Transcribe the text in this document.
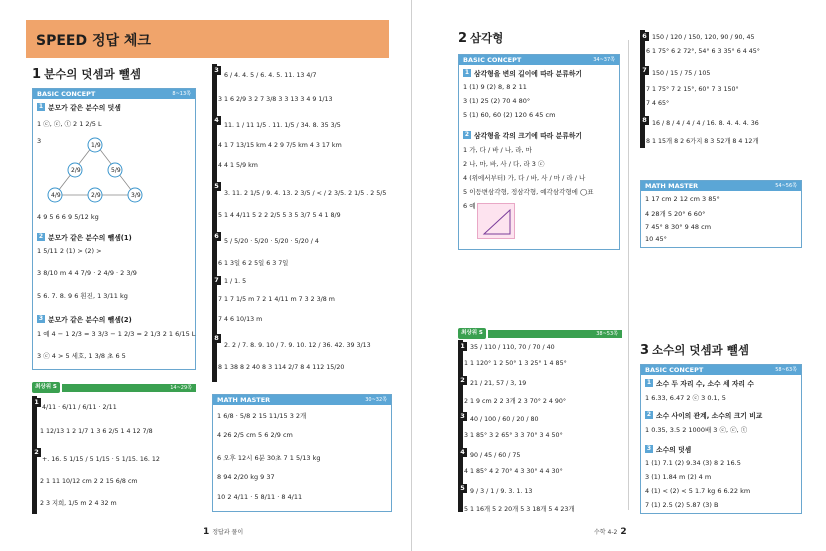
SPEED 정답 체크
1 분수의 덧셈과 뺄셈
BASIC CONCEPT	8~13쪽
1 분모가 같은 분수의 덧셈
1 ⓒ, ⓒ, ⓣ 2 1 2/5 L
3
1/9
2/9	5/9
4/9	2/9	3/9
4 9 5 6 6 9 5/12 kg
2 분모가 같은 분수의 뺄셈(1)
1 5/11 2 (1) > (2) >
3 8/10 m 4 4 7/9 · 2 4/9 · 2 3/9
5 6. 7. 8. 9 6 흰진, 1 3/11 kg
3 분모가 같은 분수의 뺄셈(2)
1 예 4 − 1 2/3 = 3 3/3 − 1 2/3 = 2 1/3 2 1 6/15 L
3 ⓒ 4 > 5 세호, 1 3/8 초 6 5
최상위 S	14~29쪽
1
4/11 · 6/11 / 6/11 · 2/11
1 12/13 1 2 1/7 1 3 6 2/5 1 4 12 7/8
2
+. 16. 5 1/15 / 5 1/15 · 5 1/15. 16. 12
2 1 11 10/12 cm 2 2 15 6/8 cm
2 3 지희, 1/5 m 2 4 32 m
3
6 / 4. 4. 5 / 6. 4. 5. 11. 13 4/7
3 1 6 2/9 3 2 7 3/8 3 3 13 3 4 9 1/13
4
11. 1 / 11 1/5 . 11. 1/5 / 34. 8. 35 3/5
4 1 7 13/15 km 4 2 9 7/5 km 4 3 17 km
4 4 1 5/9 km
5
3. 11. 2 1/5 / 9. 4. 13. 2 3/5 / < / 2 3/5. 2 1/5 . 2 5/5
5 1 4 4/11 5 2 2 2/5 5 3 5 3/7 5 4 1 8/9
6
5 / 5/20 · 5/20 · 5/20 · 5/20 / 4
6 1 3일 6 2 5일 6 3 7일
7 1 / 1. 5
7 1 7 1/5 m 7 2 1 4/11 m 7 3 2 3/8 m
7 4 6 10/13 m
8
2. 2 / 7. 8. 9. 10 / 7. 9. 10. 12 / 36. 42. 39 3/13
8 1 38 8 2 40 8 3 114 2/7 8 4 112 15/20
MATH MASTER	30~32쪽
1 6/8 · 5/8 2 15 11/15 3 2개
4 26 2/5 cm 5 6 2/9 cm
6 오후 12시 6분 30초 7 1 5/13 kg
8 94 2/20 kg 9 37
10 2 4/11 · 5 8/11 · 8 4/11
1 정답과 풀이
2 삼각형
BASIC CONCEPT	34~37쪽
1 삼각형을 변의 길이에 따라 분류하기
1 (1) 9 (2) 8, 8 2 11
3 (1) 25 (2) 70 4 80°
5 (1) 60, 60 (2) 120 6 45 cm
2 삼각형을 각의 크기에 따라 분류하기
1 가, 다 / 바 / 나, 라, 마
2 나, 마, 바, 사 / 다, 라 3 ⓒ
4 (위에서부터) 가, 다 / 바, 사 / 마 / 라 / 나
5 이등변삼각형, 정삼각형, 예각삼각형에 ◯표
6 예
6 150 / 120 / 150, 120, 90 / 90, 45
6 1 75° 6 2 72°, 54° 6 3 35° 6 4 45°
7 150 / 15 / 75 / 105
7 1 75° 7 2 15°, 60° 7 3 150°
7 4 65°
8 16 / 8 / 4 / 4 / 4 / 16. 8. 4. 4. 4. 36
8 1 15개 8 2 6가지 8 3 52개 8 4 12개
MATH MASTER	54~56쪽
1 17 cm 2 12 cm 3 85°
4 28개 5 20° 6 60°
7 45° 8 30° 9 48 cm
10 45°
최상위 S	38~53쪽
1 35 / 110 / 110, 70 / 70 / 40
1 1 120° 1 2 50° 1 3 25° 1 4 85°
2 21 / 21, 57 / 3, 19
2 1 9 cm 2 2 3개 2 3 70° 2 4 90°
3 40 / 100 / 60 / 20 / 80
3 1 85° 3 2 65° 3 3 70° 3 4 50°
4 90 / 45 / 60 / 75
4 1 85° 4 2 70° 4 3 30° 4 4 30°
5 9 / 3 / 1 / 9. 3. 1. 13
5 1 16개 5 2 20개 5 3 18개 5 4 23개
3 소수의 덧셈과 뺄셈
BASIC CONCEPT	58~63쪽
1 소수 두 자리 수, 소수 세 자리 수
1 6.33, 6.47 2 ⓒ 3 0.1, 5
2 소수 사이의 관계, 소수의 크기 비교
1 0.35, 3.5 2 1000배 3 ⓒ, ⓒ, ⓣ
3 소수의 덧셈
1 (1) 7.1 (2) 9.34 (3) 8 2 16.5
3 (1) 1.84 m (2) 4 m
4 (1) < (2) < 5 1.7 kg 6 6.22 km
7 (1) 2.5 (2) 5.87 (3) B
수학 4-2 2
